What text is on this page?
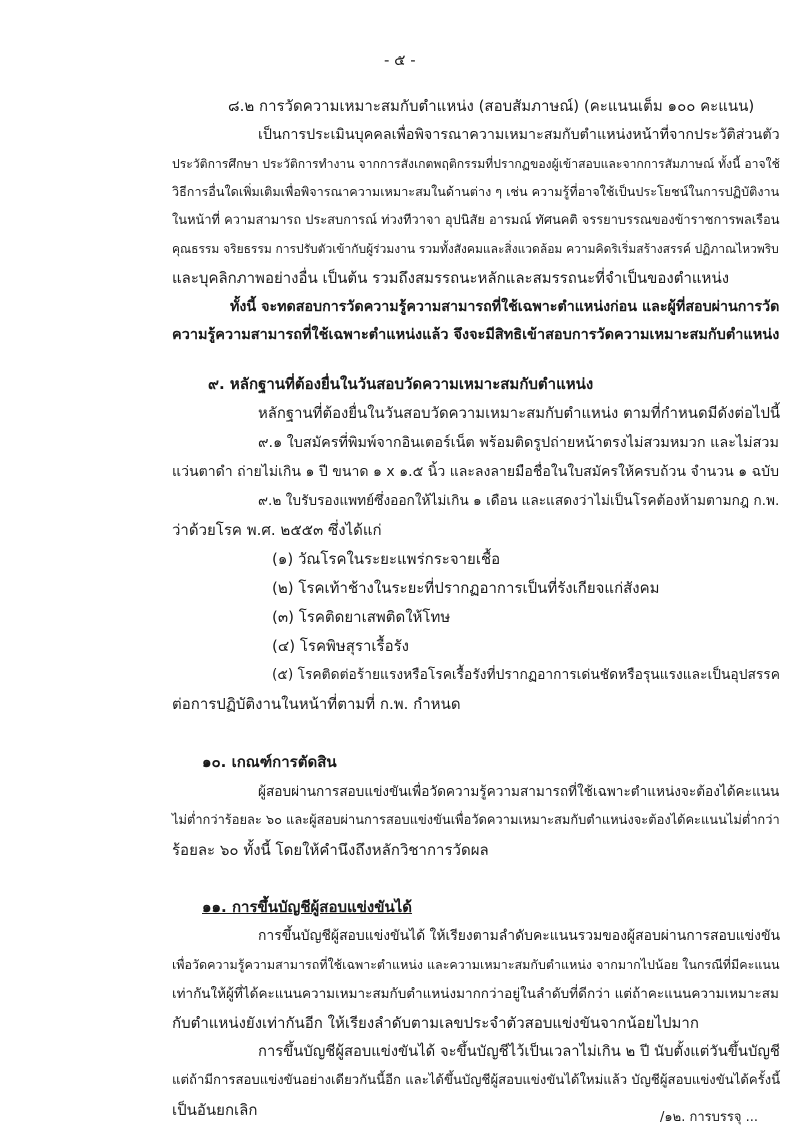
- ๕ -
๘.๒ การวัดความเหมาะสมกับตำแหน่ง (สอบสัมภาษณ์) (คะแนนเต็ม ๑๐๐ คะแนน)
เป็นการประเมินบุคคลเพื่อพิจารณาความเหมาะสมกับตำแหน่งหน้าที่จากประวัติส่วนตัว
ประวัติการศึกษา ประวัติการทำงาน จากการสังเกตพฤติกรรมที่ปรากฏของผู้เข้าสอบและจากการสัมภาษณ์ ทั้งนี้ อาจใช้
วิธีการอื่นใดเพิ่มเติมเพื่อพิจารณาความเหมาะสมในด้านต่าง ๆ เช่น ความรู้ที่อาจใช้เป็นประโยชน์ในการปฏิบัติงาน
ในหน้าที่ ความสามารถ ประสบการณ์ ท่วงทีวาจา อุปนิสัย อารมณ์ ทัศนคติ จรรยาบรรณของข้าราชการพลเรือน
คุณธรรม จริยธรรม การปรับตัวเข้ากับผู้ร่วมงาน รวมทั้งสังคมและสิ่งแวดล้อม ความคิดริเริ่มสร้างสรรค์ ปฏิภาณไหวพริบ
และบุคลิกภาพอย่างอื่น เป็นต้น รวมถึงสมรรถนะหลักและสมรรถนะที่จำเป็นของตำแหน่ง
ทั้งนี้ จะทดสอบการวัดความรู้ความสามารถที่ใช้เฉพาะตำแหน่งก่อน และผู้ที่สอบผ่านการวัด
ความรู้ความสามารถที่ใช้เฉพาะตำแหน่งแล้ว จึงจะมีสิทธิเข้าสอบการวัดความเหมาะสมกับตำแหน่ง
๙. หลักฐานที่ต้องยื่นในวันสอบวัดความเหมาะสมกับตำแหน่ง
หลักฐานที่ต้องยื่นในวันสอบวัดความเหมาะสมกับตำแหน่ง ตามที่กำหนดมีดังต่อไปนี้
๙.๑ ใบสมัครที่พิมพ์จากอินเตอร์เน็ต พร้อมติดรูปถ่ายหน้าตรงไม่สวมหมวก และไม่สวม
แว่นตาดำ ถ่ายไม่เกิน ๑ ปี ขนาด ๑ x ๑.๕ นิ้ว และลงลายมือชื่อในใบสมัครให้ครบถ้วน จำนวน ๑ ฉบับ
๙.๒ ใบรับรองแพทย์ซึ่งออกให้ไม่เกิน ๑ เดือน และแสดงว่าไม่เป็นโรคต้องห้ามตามกฎ ก.พ.
ว่าด้วยโรค พ.ศ. ๒๕๕๓ ซึ่งได้แก่
(๑) วัณโรคในระยะแพร่กระจายเชื้อ
(๒) โรคเท้าช้างในระยะที่ปรากฏอาการเป็นที่รังเกียจแก่สังคม
(๓) โรคติดยาเสพติดให้โทษ
(๔) โรคพิษสุราเรื้อรัง
(๕) โรคติดต่อร้ายแรงหรือโรคเรื้อรังที่ปรากฏอาการเด่นชัดหรือรุนแรงและเป็นอุปสรรค
ต่อการปฏิบัติงานในหน้าที่ตามที่ ก.พ. กำหนด
๑๐. เกณฑ์การตัดสิน
ผู้สอบผ่านการสอบแข่งขันเพื่อวัดความรู้ความสามารถที่ใช้เฉพาะตำแหน่งจะต้องได้คะแนน
ไม่ต่ำกว่าร้อยละ ๖๐ และผู้สอบผ่านการสอบแข่งขันเพื่อวัดความเหมาะสมกับตำแหน่งจะต้องได้คะแนนไม่ต่ำกว่า
ร้อยละ ๖๐ ทั้งนี้ โดยให้คำนึงถึงหลักวิชาการวัดผล
๑๑. การขึ้นบัญชีผู้สอบแข่งขันได้
การขึ้นบัญชีผู้สอบแข่งขันได้ ให้เรียงตามลำดับคะแนนรวมของผู้สอบผ่านการสอบแข่งขัน
เพื่อวัดความรู้ความสามารถที่ใช้เฉพาะตำแหน่ง และความเหมาะสมกับตำแหน่ง จากมากไปน้อย ในกรณีที่มีคะแนน
เท่ากันให้ผู้ที่ได้คะแนนความเหมาะสมกับตำแหน่งมากกว่าอยู่ในลำดับที่ดีกว่า แต่ถ้าคะแนนความเหมาะสม
กับตำแหน่งยังเท่ากันอีก ให้เรียงลำดับตามเลขประจำตัวสอบแข่งขันจากน้อยไปมาก
การขึ้นบัญชีผู้สอบแข่งขันได้ จะขึ้นบัญชีไว้เป็นเวลาไม่เกิน ๒ ปี นับตั้งแต่วันขึ้นบัญชี
แต่ถ้ามีการสอบแข่งขันอย่างเดียวกันนี้อีก และได้ขึ้นบัญชีผู้สอบแข่งขันได้ใหม่แล้ว บัญชีผู้สอบแข่งขันได้ครั้งนี้
เป็นอันยกเลิก	/๑๒. การบรรจุ ...
